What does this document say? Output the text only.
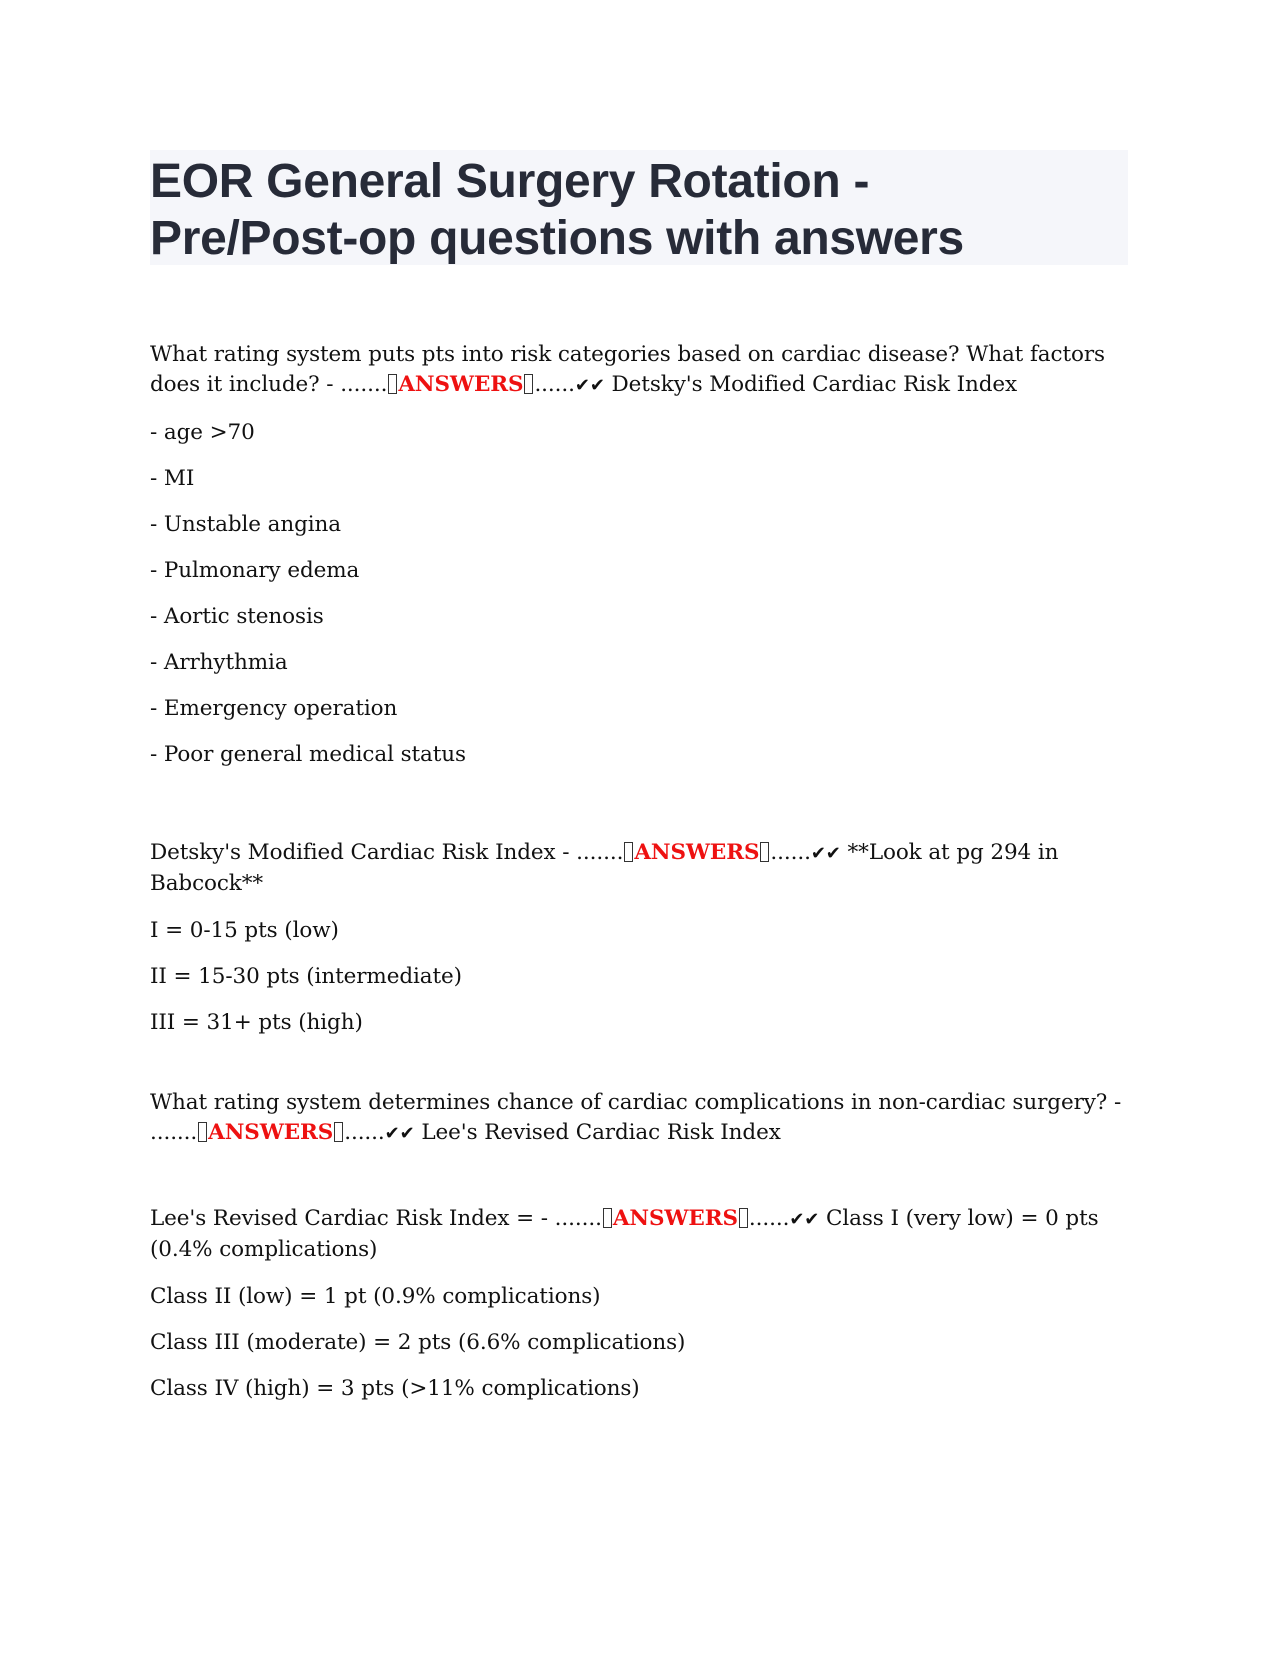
EOR General Surgery Rotation -
Pre/Post-op questions with answers

What rating system puts pts into risk categories based on cardiac disease? What factors does it include? - ....... ANSWERS ......✔✔ Detsky's Modified Cardiac Risk Index

- age >70

- MI

- Unstable angina

- Pulmonary edema

- Aortic stenosis

- Arrhythmia

- Emergency operation

- Poor general medical status

Detsky's Modified Cardiac Risk Index - ....... ANSWERS ......✔✔ **Look at pg 294 in Babcock**

I = 0-15 pts (low)

II = 15-30 pts (intermediate)

III = 31+ pts (high)

What rating system determines chance of cardiac complications in non-cardiac surgery? - ....... ANSWERS ......✔✔ Lee's Revised Cardiac Risk Index

Lee's Revised Cardiac Risk Index = - ....... ANSWERS ......✔✔ Class I (very low) = 0 pts (0.4% complications)

Class II (low) = 1 pt (0.9% complications)

Class III (moderate) = 2 pts (6.6% complications)

Class IV (high) = 3 pts (>11% complications)
